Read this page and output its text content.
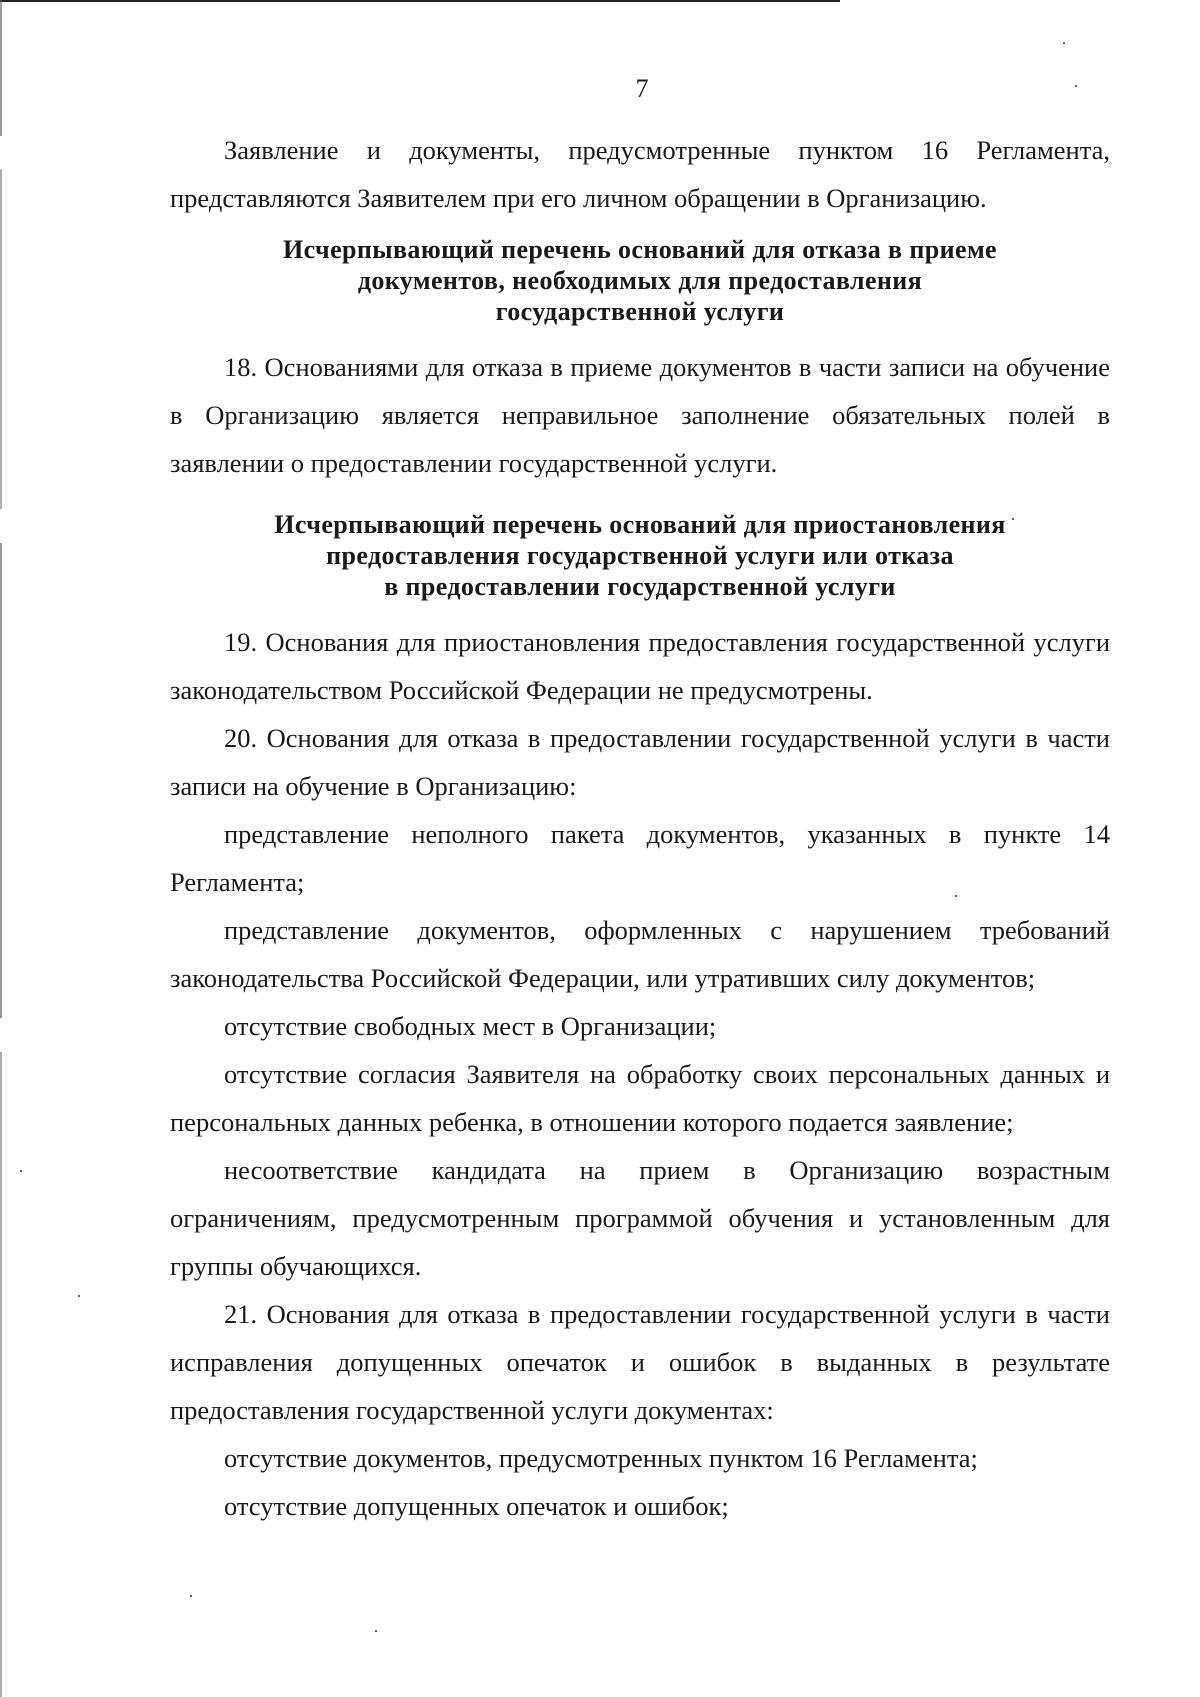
7

Заявление и документы, предусмотренные пунктом 16 Регламента, представляются Заявителем при его личном обращении в Организацию.

Исчерпывающий перечень оснований для отказа в приеме
документов, необходимых для предоставления
государственной услуги

18. Основаниями для отказа в приеме документов в части записи на обучение в Организацию является неправильное заполнение обязательных полей в заявлении о предоставлении государственной услуги.

Исчерпывающий перечень оснований для приостановления
предоставления государственной услуги или отказа
в предоставлении государственной услуги

19. Основания для приостановления предоставления государственной услуги законодательством Российской Федерации не предусмотрены.

20. Основания для отказа в предоставлении государственной услуги в части записи на обучение в Организацию:

представление неполного пакета документов, указанных в пункте 14 Регламента;

представление документов, оформленных с нарушением требований законодательства Российской Федерации, или утративших силу документов;

отсутствие свободных мест в Организации;

отсутствие согласия Заявителя на обработку своих персональных данных и персональных данных ребенка, в отношении которого подается заявление;

несоответствие кандидата на прием в Организацию возрастным ограничениям, предусмотренным программой обучения и установленным для группы обучающихся.

21. Основания для отказа в предоставлении государственной услуги в части исправления допущенных опечаток и ошибок в выданных в результате предоставления государственной услуги документах:

отсутствие документов, предусмотренных пунктом 16 Регламента;

отсутствие допущенных опечаток и ошибок;
